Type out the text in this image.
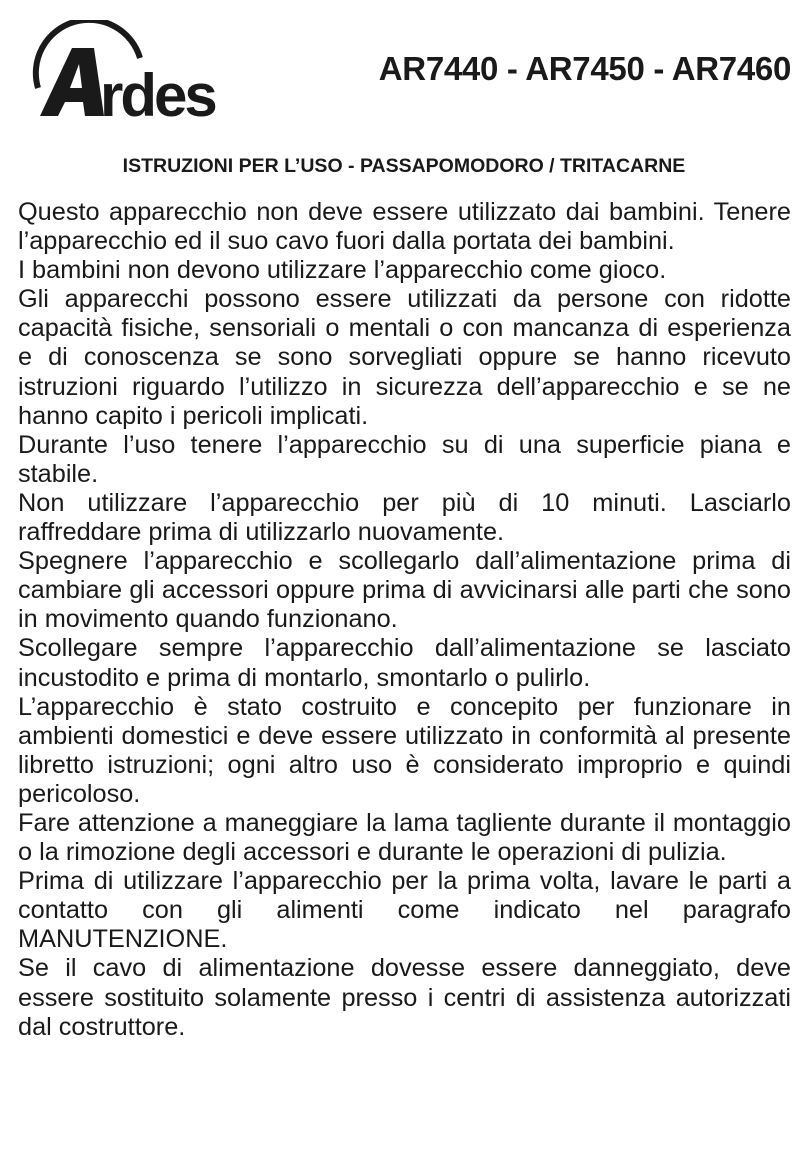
rdes	AR7440 - AR7450 - AR7460
ISTRUZIONI PER L’USO - PASSAPOMODORO / TRITACARNE

Questo apparecchio non deve essere utilizzato dai bambini. Tenere l’apparecchio ed il suo cavo fuori dalla portata dei bambini.

I bambini non devono utilizzare l’apparecchio come gioco.

Gli apparecchi possono essere utilizzati da persone con ridotte capacità fisiche, sensoriali o mentali o con mancanza di esperienza e di conoscenza se sono sorvegliati oppure se hanno ricevuto istruzioni riguardo l’utilizzo in sicurezza dell’apparecchio e se ne hanno capito i pericoli implicati.

Durante l’uso tenere l’apparecchio su di una superficie piana e stabile.

Non utilizzare l’apparecchio per più di 10 minuti. Lasciarlo raffreddare prima di utilizzarlo nuovamente.

Spegnere l’apparecchio e scollegarlo dall’alimentazione prima di cambiare gli accessori oppure prima di avvicinarsi alle parti che sono in movimento quando funzionano.

Scollegare sempre l’apparecchio dall’alimentazione se lasciato incustodito e prima di montarlo, smontarlo o pulirlo.

L’apparecchio è stato costruito e concepito per funzionare in ambienti domestici e deve essere utilizzato in conformità al presente libretto istruzioni; ogni altro uso è considerato improprio e quindi pericoloso.

Fare attenzione a maneggiare la lama tagliente durante il montaggio o la rimozione degli accessori e durante le operazioni di pulizia.

Prima di utilizzare l’apparecchio per la prima volta, lavare le parti a contatto con gli alimenti come indicato nel paragrafo MANUTENZIONE.

Se il cavo di alimentazione dovesse essere danneggiato, deve essere sostituito solamente presso i centri di assistenza autorizzati dal costruttore.
